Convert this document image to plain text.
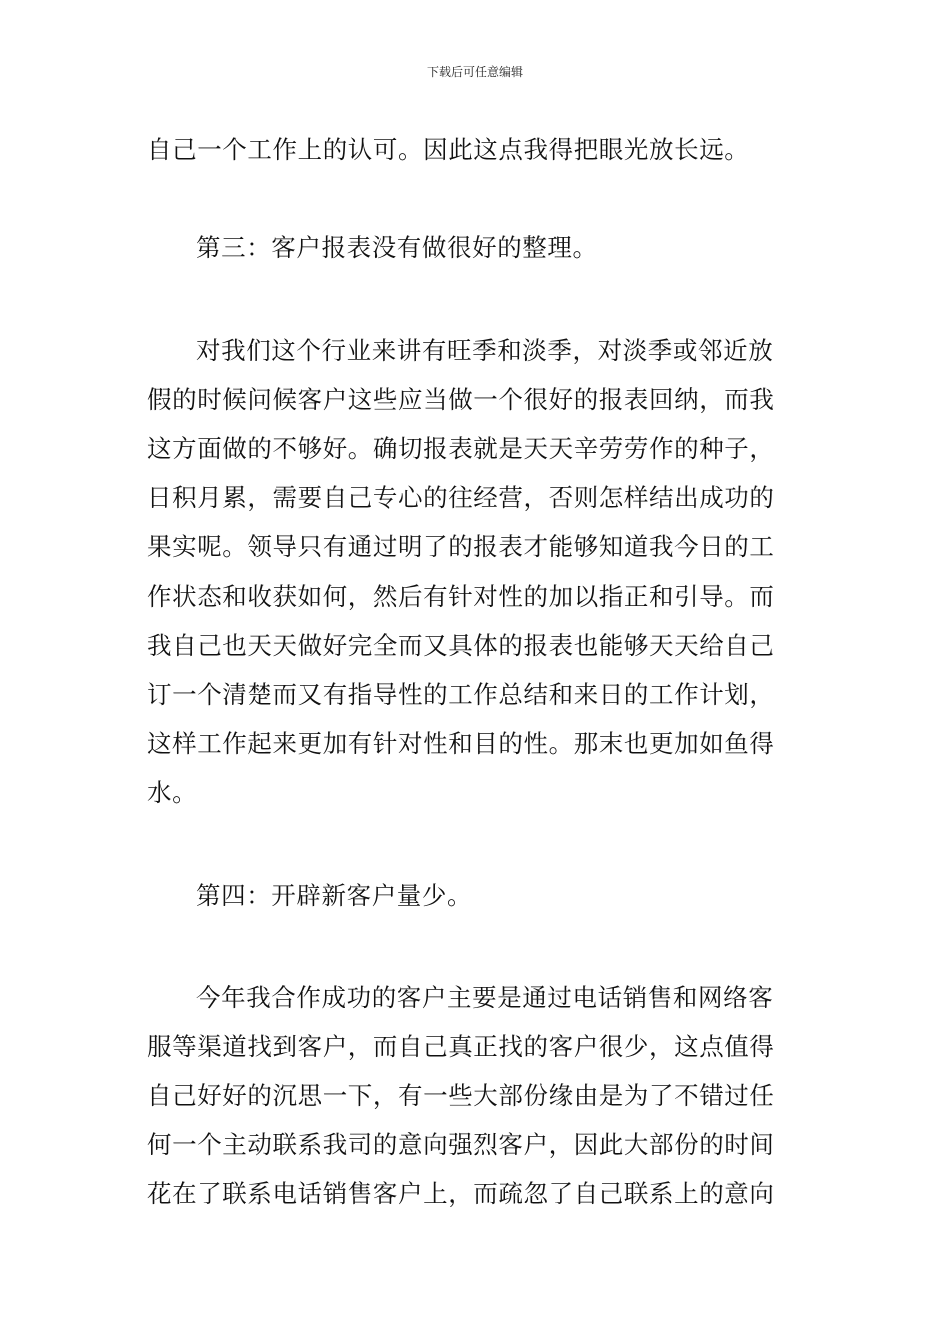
下载后可任意编辑
自己一个工作上的认可。因此这点我得把眼光放长远。
第三：客户报表没有做很好的整理。
对我们这个行业来讲有旺季和淡季，对淡季或邻近放
假的时候问候客户这些应当做一个很好的报表回纳，而我
这方面做的不够好。确切报表就是天天辛劳劳作的种子，
日积月累，需要自己专心的往经营，否则怎样结出成功的
果实呢。领导只有通过明了的报表才能够知道我今日的工
作状态和收获如何，然后有针对性的加以指正和引导。而
我自己也天天做好完全而又具体的报表也能够天天给自己
订一个清楚而又有指导性的工作总结和来日的工作计划，
这样工作起来更加有针对性和目的性。那末也更加如鱼得
水。
第四：开辟新客户量少。
今年我合作成功的客户主要是通过电话销售和网络客
服等渠道找到客户，而自己真正找的客户很少，这点值得
自己好好的沉思一下，有一些大部份缘由是为了不错过任
何一个主动联系我司的意向强烈客户，因此大部份的时间
花在了联系电话销售客户上，而疏忽了自己联系上的意向
